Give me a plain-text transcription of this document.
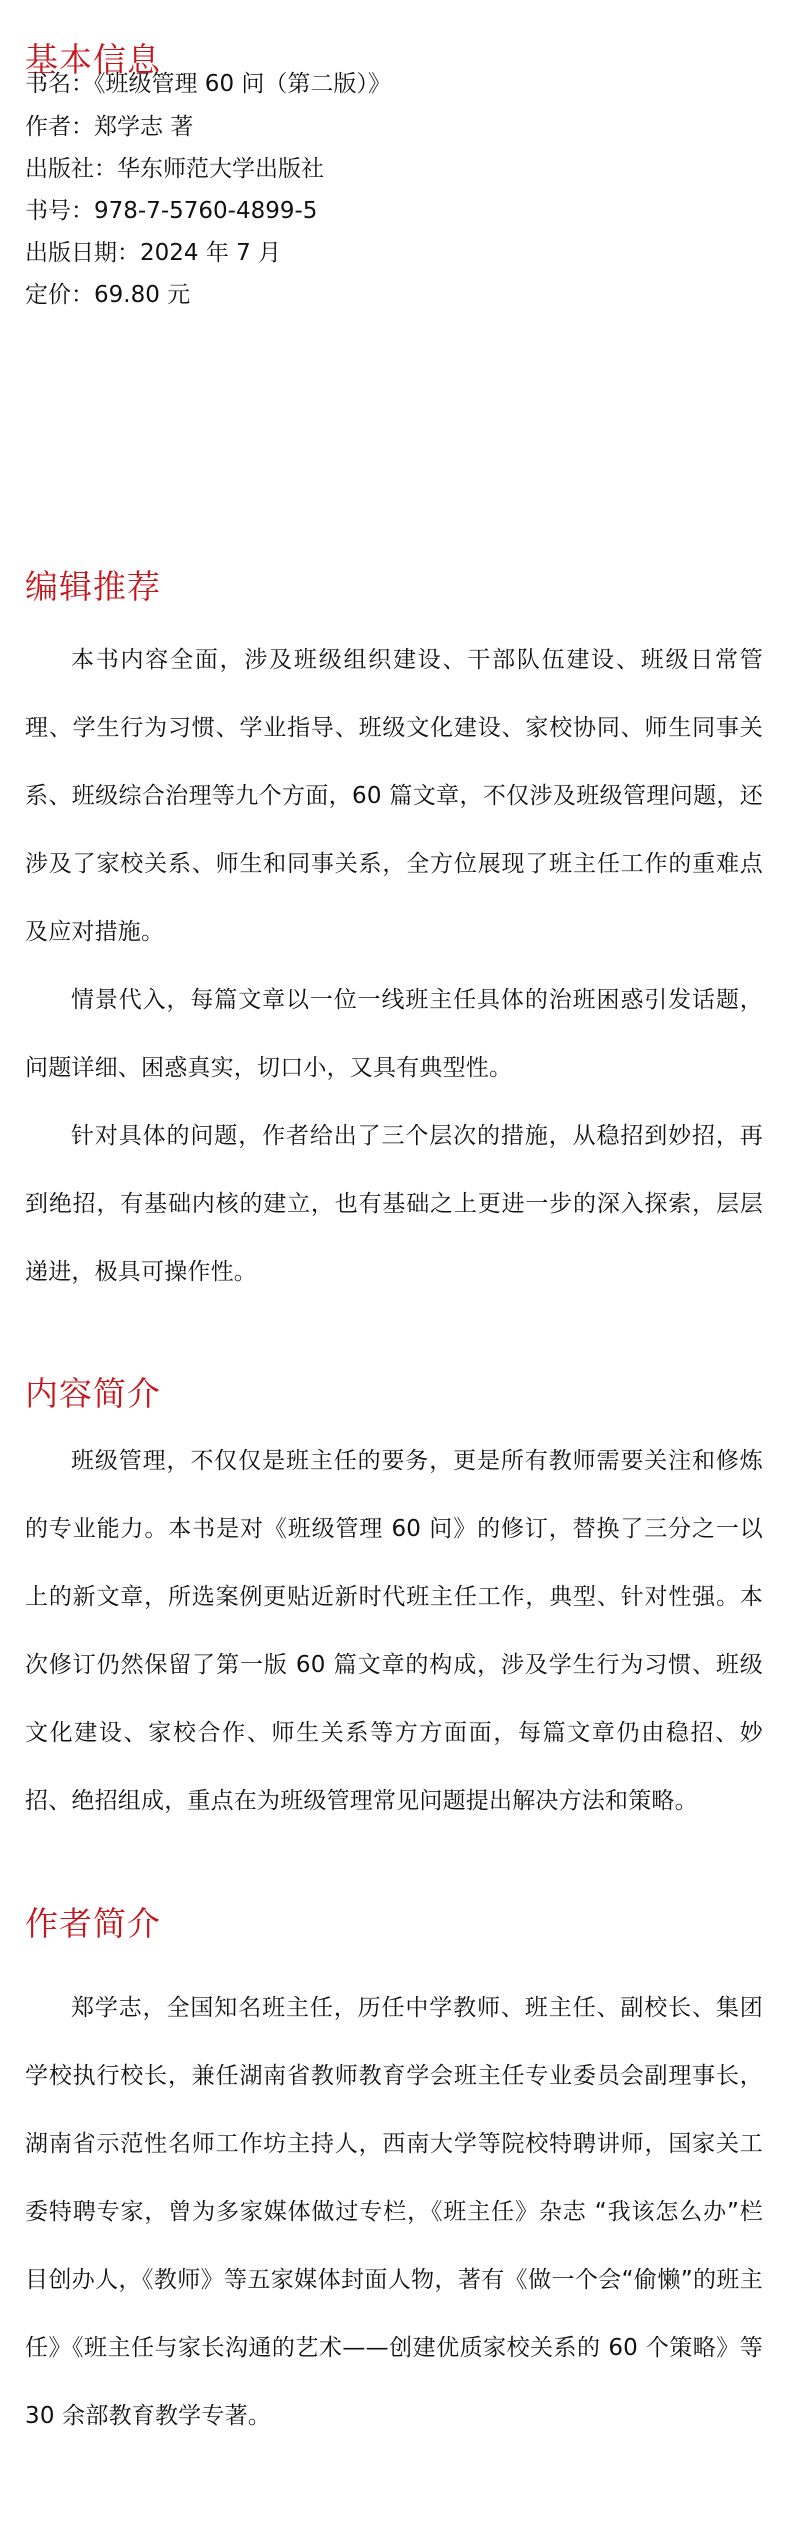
基本信息

书名：《班级管理 60 问（第二版）》

作者：郑学志 著

出版社：华东师范大学出版社

书号：978-7-5760-4899-5

出版日期：2024 年 7 月

定价：69.80 元

编辑推荐

本书内容全面，涉及班级组织建设、干部队伍建设、班级日常管理、学生行为习惯、学业指导、班级文化建设、家校协同、师生同事关系、班级综合治理等九个方面，60 篇文章，不仅涉及班级管理问题，还涉及了家校关系、师生和同事关系，全方位展现了班主任工作的重难点及应对措施。

情景代入，每篇文章以一位一线班主任具体的治班困惑引发话题，问题详细、困惑真实，切口小，又具有典型性。

针对具体的问题，作者给出了三个层次的措施，从稳招到妙招，再到绝招，有基础内核的建立，也有基础之上更进一步的深入探索，层层递进，极具可操作性。

内容简介

班级管理，不仅仅是班主任的要务，更是所有教师需要关注和修炼的专业能力。本书是对《班级管理 60 问》的修订，替换了三分之一以上的新文章，所选案例更贴近新时代班主任工作，典型、针对性强。本次修订仍然保留了第一版 60 篇文章的构成，涉及学生行为习惯、班级文化建设、家校合作、师生关系等方方面面，每篇文章仍由稳招、妙招、绝招组成，重点在为班级管理常见问题提出解决方法和策略。

作者简介

郑学志，全国知名班主任，历任中学教师、班主任、副校长、集团学校执行校长，兼任湖南省教师教育学会班主任专业委员会副理事长，湖南省示范性名师工作坊主持人，西南大学等院校特聘讲师，国家关工委特聘专家，曾为多家媒体做过专栏，《班主任》杂志 “我该怎么办”栏目创办人，《教师》等五家媒体封面人物，著有《做一个会“偷懒”的班主任》《班主任与家长沟通的艺术——创建优质家校关系的 60 个策略》等 30 余部教育教学专著。
